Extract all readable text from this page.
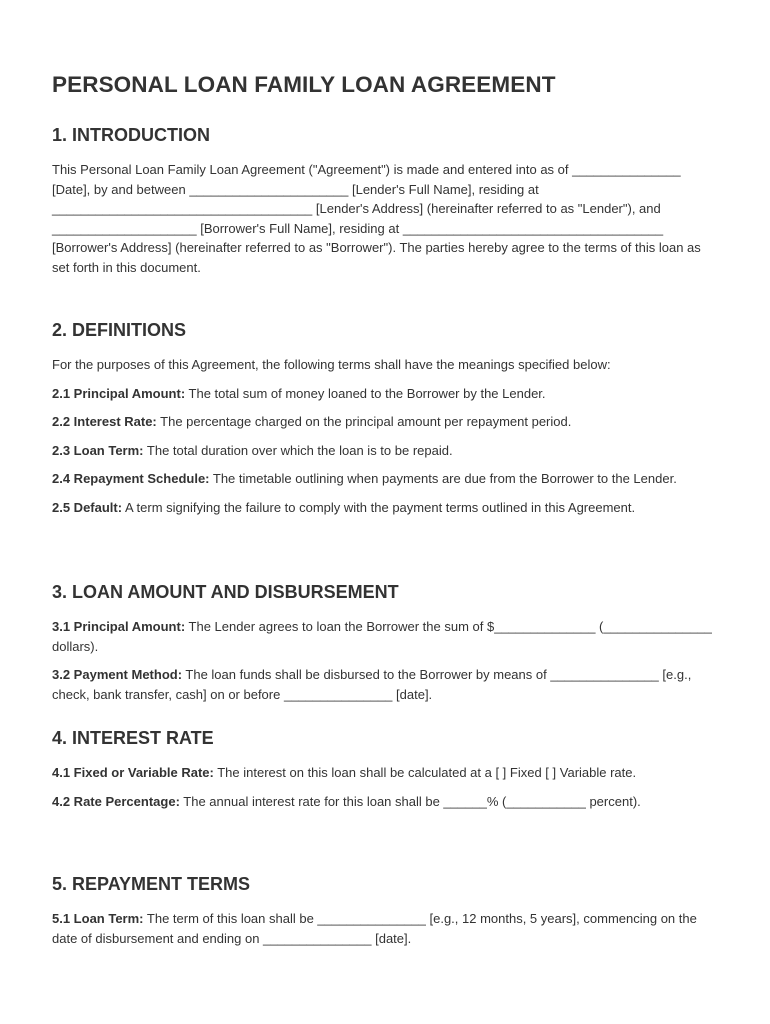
PERSONAL LOAN FAMILY LOAN AGREEMENT
1. INTRODUCTION

This Personal Loan Family Loan Agreement ("Agreement") is made and entered into as of _______________ [Date], by and between ______________________ [Lender's Full Name], residing at ____________________________________ [Lender's Address] (hereinafter referred to as "Lender"), and ____________________ [Borrower's Full Name], residing at ____________________________________ [Borrower's Address] (hereinafter referred to as "Borrower"). The parties hereby agree to the terms of this loan as set forth in this document.

2. DEFINITIONS

For the purposes of this Agreement, the following terms shall have the meanings specified below:

2.1 Principal Amount: The total sum of money loaned to the Borrower by the Lender.

2.2 Interest Rate: The percentage charged on the principal amount per repayment period.

2.3 Loan Term: The total duration over which the loan is to be repaid.

2.4 Repayment Schedule: The timetable outlining when payments are due from the Borrower to the Lender.

2.5 Default: A term signifying the failure to comply with the payment terms outlined in this Agreement.

3. LOAN AMOUNT AND DISBURSEMENT

3.1 Principal Amount: The Lender agrees to loan the Borrower the sum of $______________ (_______________ dollars).

3.2 Payment Method: The loan funds shall be disbursed to the Borrower by means of _______________ [e.g., check, bank transfer, cash] on or before _______________ [date].

4. INTEREST RATE

4.1 Fixed or Variable Rate: The interest on this loan shall be calculated at a [ ] Fixed [ ] Variable rate.

4.2 Rate Percentage: The annual interest rate for this loan shall be ______% (___________ percent).

5. REPAYMENT TERMS

5.1 Loan Term: The term of this loan shall be _______________ [e.g., 12 months, 5 years], commencing on the date of disbursement and ending on _______________ [date].
